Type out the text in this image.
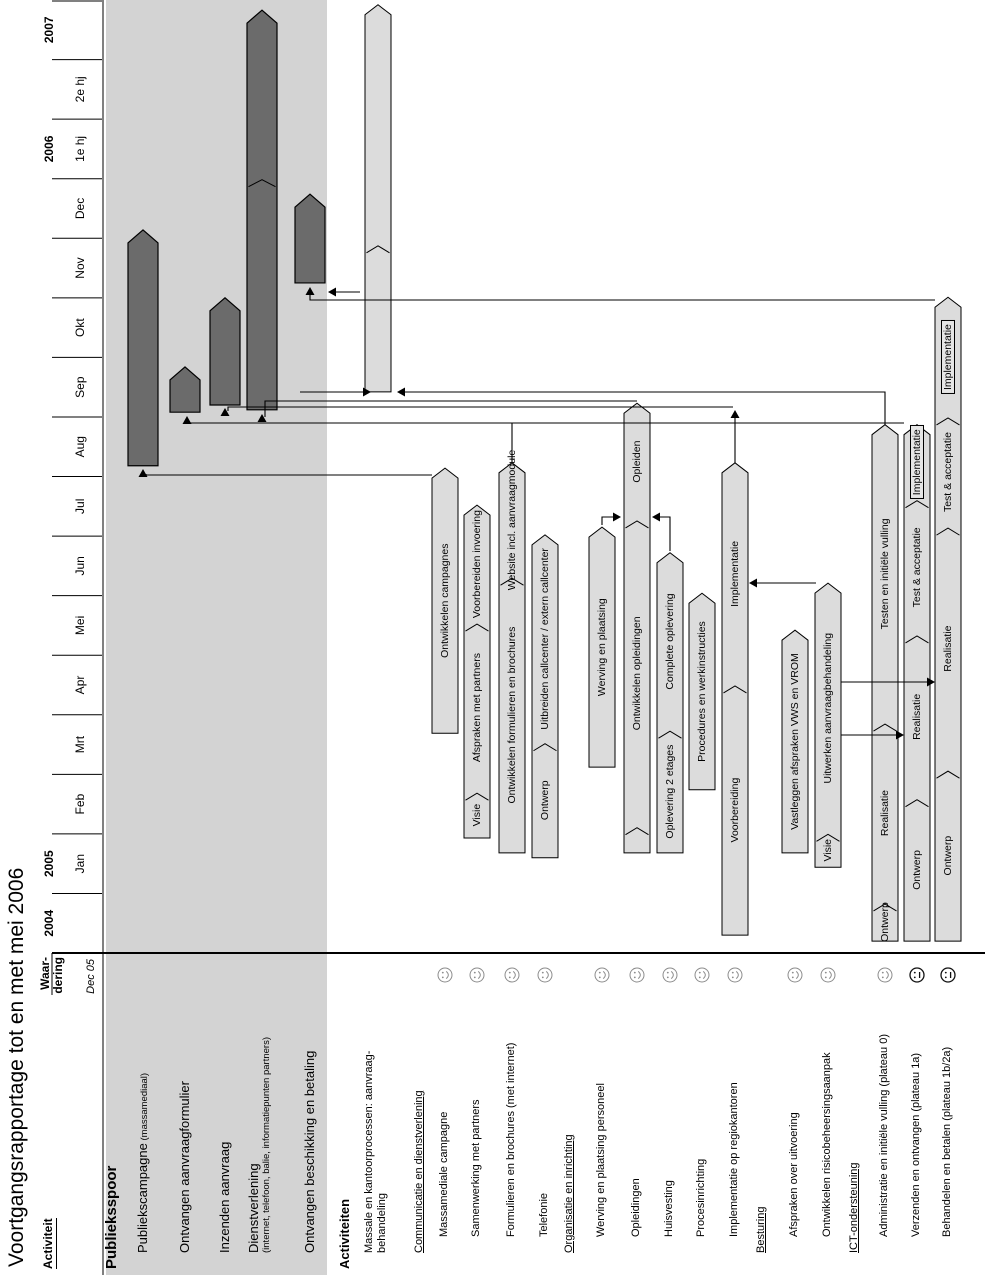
Voortgangsrapportage tot en met mei 2006 Activiteit
Waar- dering Dec 05
2004
2005 Jan
Feb
Mrt
Apr
Mei
Jun
Jul
Aug
Sep
Okt
Nov
Dec
2006 1e hj
2e hj
2007
Publieksspoor Publiekscampagne (massamediaal) Ontvangen aanvraagformulier Inzenden aanvraag Dienstverlening (internet, telefoon, balie, informatiepunten partners) Ontvangen beschikking en betaling Activiteiten Massale en kantoorprocessen: aanvraag- behandeling Communicatie en dienstverlening Massamediale campagne Samenwerking met partners Formulieren en brochures (met internet) Telefonie Organisatie en inrichting Werving en plaatsing personeel Opleidingen Huisvesting Procesinrichting Implementatie op regiokantoren Besturing Afspraken over uitvoering Ontwikkelen risicobeheersingsaanpak ICT-ondersteuning Administratie en initiële vulling (plateau 0) Verzenden en ontvangen (plateau 1a) Behandelen en betalen (plateau 1b/2a)
Ontwikkelen campagnes
Visie
Afspraken met partners
Voorbereiden invoering
Ontwikkelen formulieren en brochures
Website incl. aanvraagmodule
Ontwerp
Uitbreiden callcenter / extern callcenter	Werving en plaatsing Ontwikkelen opleidingen
Opleiden
Oplevering 2 etages
Complete oplevering Procedures en werkinstructies
Voorbereiding
Implementatie
Vastleggen afspraken VWS en VROM
Visie
Uitwerken aanvraagbehandeling
Ontwerp
Realisatie
Testen en initiële vulling
Ontwerp
Realisatie
Test & acceptatie
Implementatie
Ontwerp
Realisatie
Test & acceptatie
Implementatie
